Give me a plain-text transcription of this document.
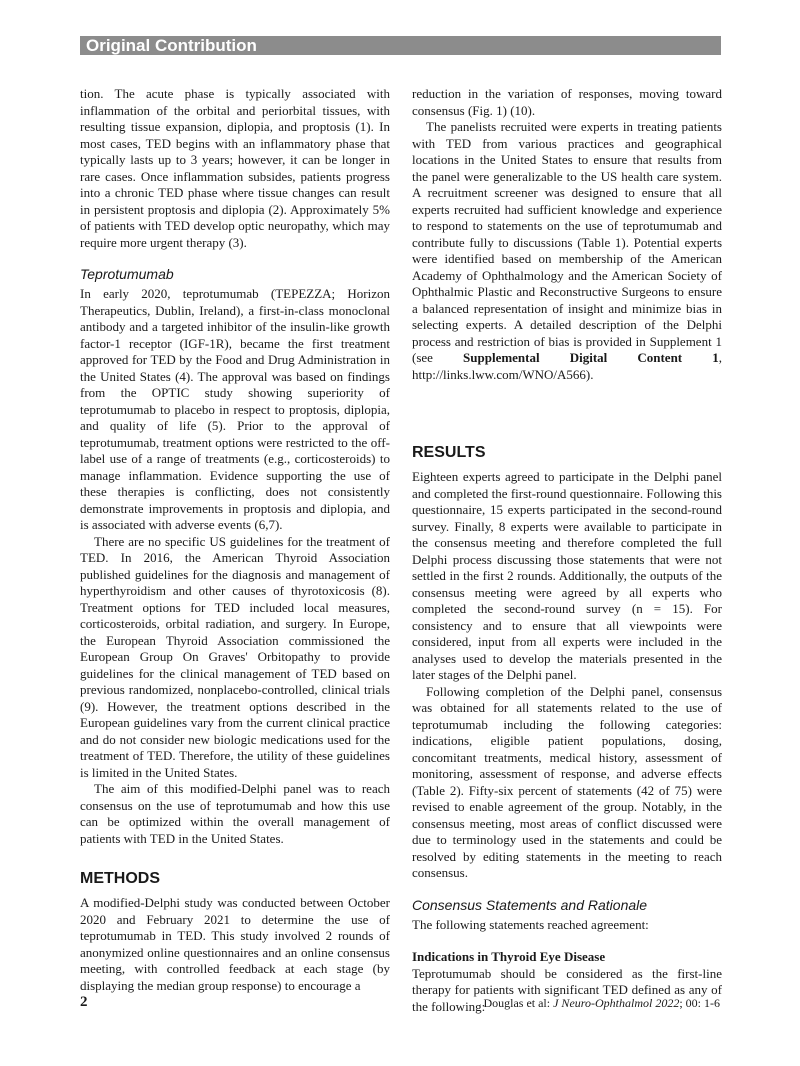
Original Contribution

tion. The acute phase is typically associated with inflammation of the orbital and periorbital tissues, with resulting tissue expansion, diplopia, and proptosis (1). In most cases, TED begins with an inflammatory phase that typically lasts up to 3 years; however, it can be longer in rare cases. Once inflammation subsides, patients progress into a chronic TED phase where tissue changes can result in persistent proptosis and diplopia (2). Approximately 5% of patients with TED develop optic neuropathy, which may require more urgent therapy (3).

Teprotumumab

In early 2020, teprotumumab (TEPEZZA; Horizon Therapeutics, Dublin, Ireland), a first-in-class monoclonal antibody and a targeted inhibitor of the insulin-like growth factor-1 receptor (IGF-1R), became the first treatment approved for TED by the Food and Drug Administration in the United States (4). The approval was based on findings from the OPTIC study showing superiority of teprotumumab to placebo in respect to proptosis, diplopia, and quality of life (5). Prior to the approval of teprotumumab, treatment options were restricted to the off-label use of a range of treatments (e.g., corticosteroids) to manage inflammation. Evidence supporting the use of these therapies is conflicting, does not consistently demonstrate improvements in proptosis and diplopia, and is associated with adverse events (6,7).

There are no specific US guidelines for the treatment of TED. In 2016, the American Thyroid Association published guidelines for the diagnosis and management of hyperthyroidism and other causes of thyrotoxicosis (8). Treatment options for TED included local measures, corticosteroids, orbital radiation, and surgery. In Europe, the European Thyroid Association commissioned the European Group On Graves' Orbitopathy to provide guidelines for the clinical management of TED based on previous randomized, nonplacebo-controlled, clinical trials (9). However, the treatment options described in the European guidelines vary from the current clinical practice and do not consider new biologic medications used for the treatment of TED. Therefore, the utility of these guidelines is limited in the United States.

The aim of this modified-Delphi panel was to reach consensus on the use of teprotumumab and how this use can be optimized within the overall management of patients with TED in the United States.

METHODS

A modified-Delphi study was conducted between October 2020 and February 2021 to determine the use of teprotumumab in TED. This study involved 2 rounds of anonymized online questionnaires and an online consensus meeting, with controlled feedback at each stage (by displaying the median group response) to encourage a

reduction in the variation of responses, moving toward consensus (Fig. 1) (10).

The panelists recruited were experts in treating patients with TED from various practices and geographical locations in the United States to ensure that results from the panel were generalizable to the US health care system. A recruitment screener was designed to ensure that all experts recruited had sufficient knowledge and experience to respond to statements on the use of teprotumumab and contribute fully to discussions (Table 1). Potential experts were identified based on membership of the American Academy of Ophthalmology and the American Society of Ophthalmic Plastic and Reconstructive Surgeons to ensure a balanced representation of insight and minimize bias in selecting experts. A detailed description of the Delphi process and restriction of bias is provided in Supplement 1 (see Supplemental Digital Content 1, http://links.lww.com/WNO/A566).

RESULTS

Eighteen experts agreed to participate in the Delphi panel and completed the first-round questionnaire. Following this questionnaire, 15 experts participated in the second-round survey. Finally, 8 experts were available to participate in the consensus meeting and therefore completed the full Delphi process discussing those statements that were not settled in the first 2 rounds. Additionally, the outputs of the consensus meeting were agreed by all experts who completed the second-round survey (n = 15). For consistency and to ensure that all viewpoints were considered, input from all experts were included in the analyses used to develop the materials presented in the later stages of the Delphi panel.

Following completion of the Delphi panel, consensus was obtained for all statements related to the use of teprotumumab including the following categories: indications, eligible patient populations, dosing, concomitant treatments, medical history, assessment of monitoring, assessment of response, and adverse effects (Table 2). Fifty-six percent of statements (42 of 75) were revised to enable agreement of the group. Notably, in the consensus meeting, most areas of conflict discussed were due to terminology used in the statements and could be resolved by editing statements in the meeting to reach consensus.

Consensus Statements and Rationale

The following statements reached agreement:

Indications in Thyroid Eye Disease

Teprotumumab should be considered as the first-line therapy for patients with significant TED defined as any of the following:

2	Douglas et al: J Neuro-Ophthalmol 2022; 00: 1-6
